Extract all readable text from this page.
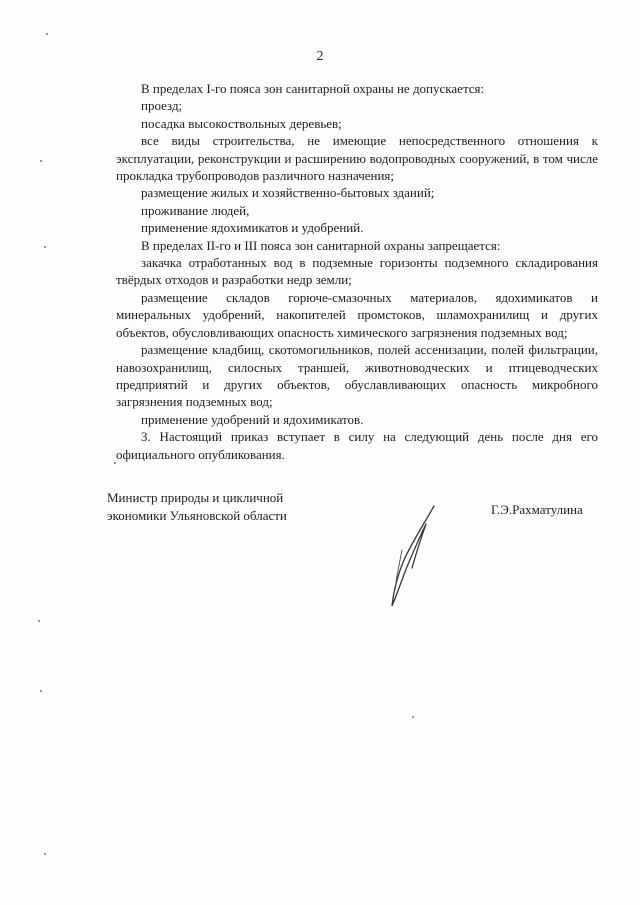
2

В пределах I-го пояса зон санитарной охраны не допускается:

проезд;

посадка высокоствольных деревьев;

все виды строительства, не имеющие непосредственного отношения к эксплуатации, реконструкции и расширению водопроводных сооружений, в том числе прокладка трубопроводов различного назначения;

размещение жилых и хозяйственно-бытовых зданий;

проживание людей,

применение ядохимикатов и удобрений.

В пределах II-го и III пояса зон санитарной охраны запрещается:

закачка отработанных вод в подземные горизонты подземного складирования твёрдых отходов и разработки недр земли;

размещение складов горюче-смазочных материалов, ядохимикатов и минеральных удобрений, накопителей промстоков, шламохранилищ и других объектов, обусловливающих опасность химического загрязнения подземных вод;

размещение кладбищ, скотомогильников, полей ассенизации, полей фильтрации, навозохранилищ, силосных траншей, животноводческих и птицеводческих предприятий и других объектов, обуславливающих опасность микробного загрязнения подземных вод;

применение удобрений и ядохимикатов.

3. Настоящий приказ вступает в силу на следующий день после дня его официального опубликования.

Министр природы и цикличной
экономики Ульяновской области	Г.Э.Рахматулина
